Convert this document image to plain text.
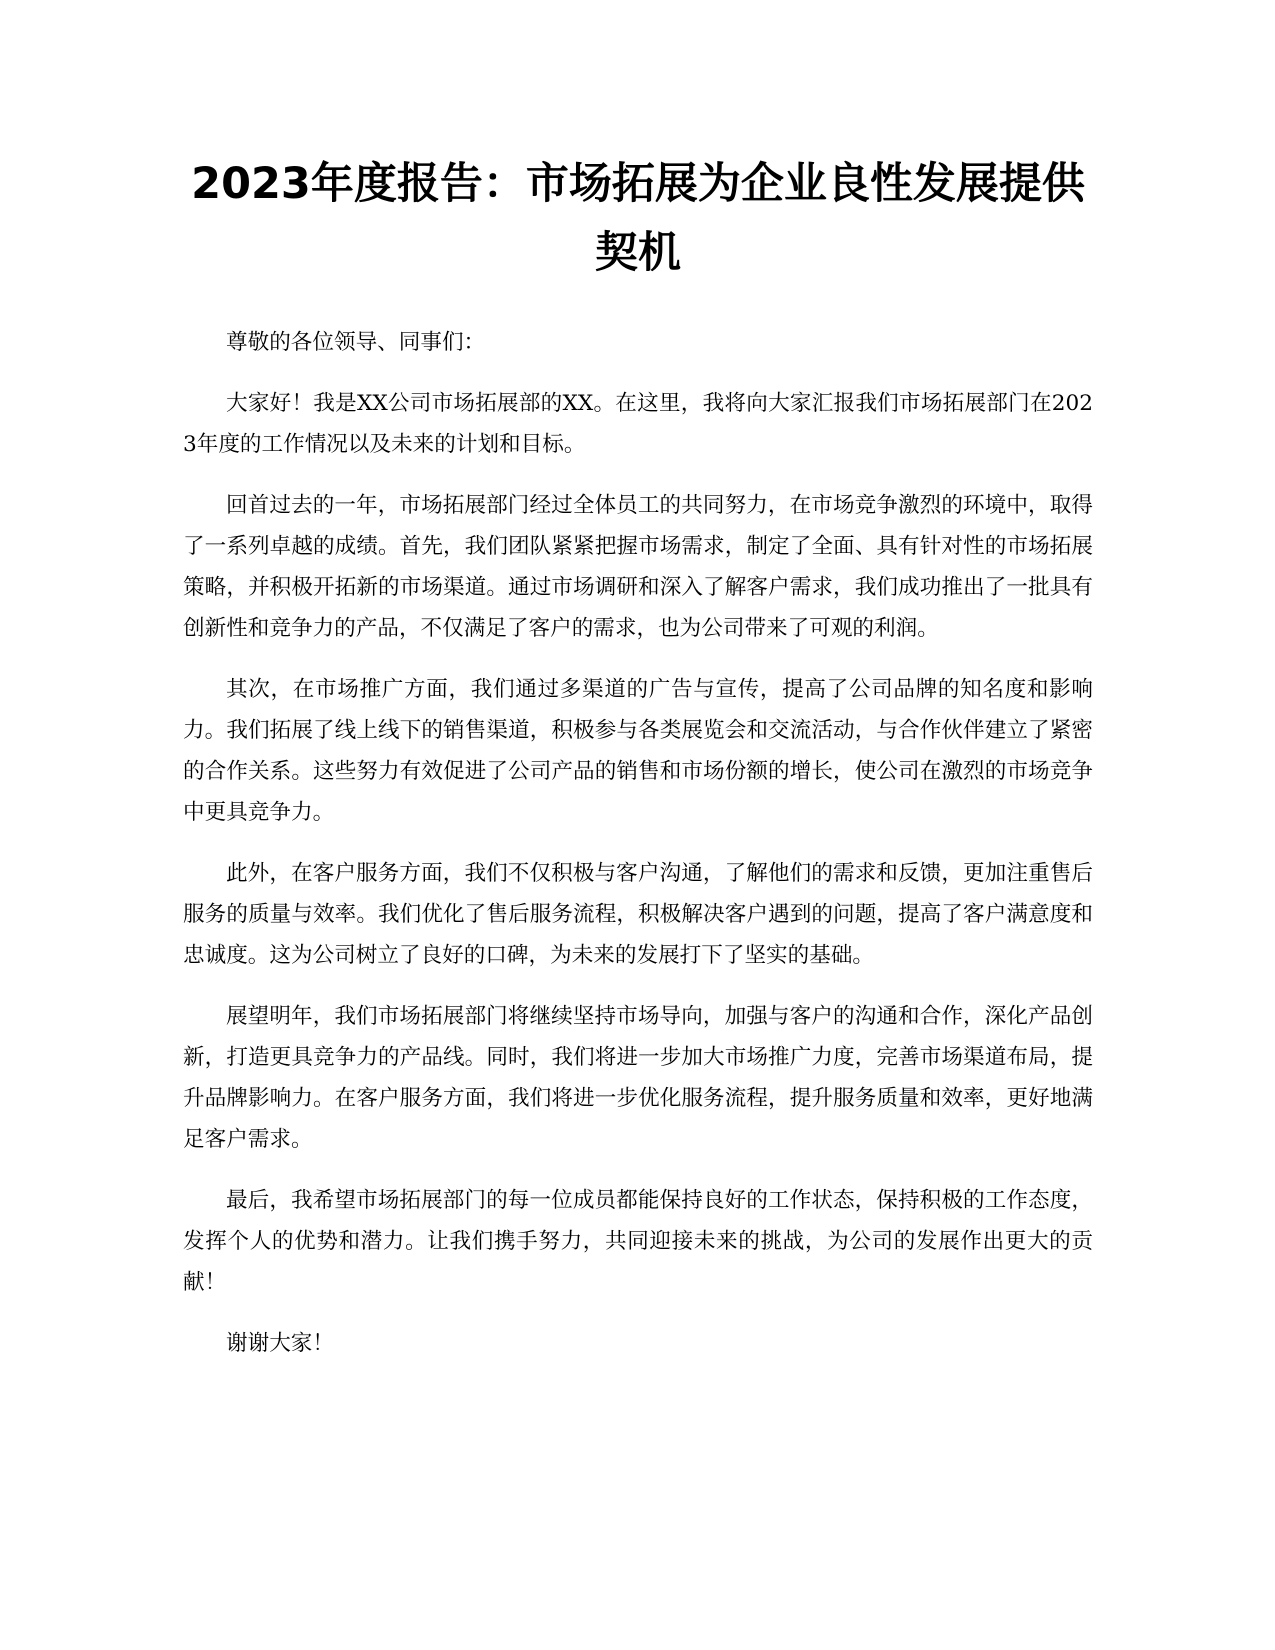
2023年度报告：市场拓展为企业良性发展提供契机

尊敬的各位领导、同事们：

大家好！我是XX公司市场拓展部的XX。在这里，我将向大家汇报我们市场拓展部门在2023年度的工作情况以及未来的计划和目标。

回首过去的一年，市场拓展部门经过全体员工的共同努力，在市场竞争激烈的环境中，取得了一系列卓越的成绩。首先，我们团队紧紧把握市场需求，制定了全面、具有针对性的市场拓展策略，并积极开拓新的市场渠道。通过市场调研和深入了解客户需求，我们成功推出了一批具有创新性和竞争力的产品，不仅满足了客户的需求，也为公司带来了可观的利润。

其次，在市场推广方面，我们通过多渠道的广告与宣传，提高了公司品牌的知名度和影响力。我们拓展了线上线下的销售渠道，积极参与各类展览会和交流活动，与合作伙伴建立了紧密的合作关系。这些努力有效促进了公司产品的销售和市场份额的增长，使公司在激烈的市场竞争中更具竞争力。

此外，在客户服务方面，我们不仅积极与客户沟通，了解他们的需求和反馈，更加注重售后服务的质量与效率。我们优化了售后服务流程，积极解决客户遇到的问题，提高了客户满意度和忠诚度。这为公司树立了良好的口碑，为未来的发展打下了坚实的基础。

展望明年，我们市场拓展部门将继续坚持市场导向，加强与客户的沟通和合作，深化产品创新，打造更具竞争力的产品线。同时，我们将进一步加大市场推广力度，完善市场渠道布局，提升品牌影响力。在客户服务方面，我们将进一步优化服务流程，提升服务质量和效率，更好地满足客户需求。

最后，我希望市场拓展部门的每一位成员都能保持良好的工作状态，保持积极的工作态度，发挥个人的优势和潜力。让我们携手努力，共同迎接未来的挑战，为公司的发展作出更大的贡献！

谢谢大家！
